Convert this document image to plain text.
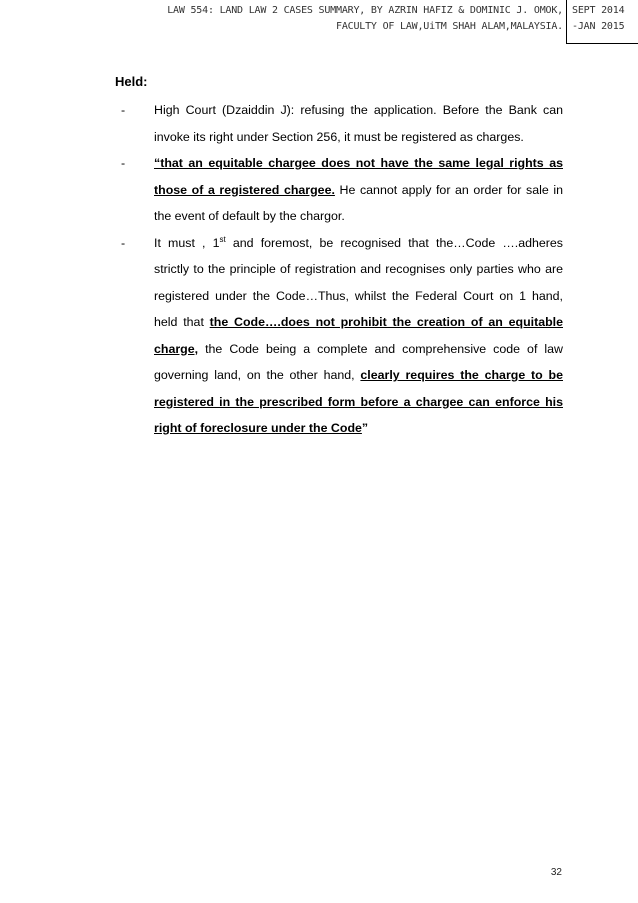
LAW 554: LAND LAW 2 CASES SUMMARY, BY AZRIN HAFIZ & DOMINIC J. OMOK,
FACULTY OF LAW,UiTM SHAH ALAM,MALAYSIA.
SEPT 2014
-JAN 2015
Held:
- High Court (Dzaiddin J): refusing the application. Before the Bank can invoke its right under Section 256, it must be registered as charges.
- “that an equitable chargee does not have the same legal rights as those of a registered chargee. He cannot apply for an order for sale in the event of default by the chargor.
- It must , 1st and foremost, be recognised that the…Code ….adheres strictly to the principle of registration and recognises only parties who are registered under the Code…Thus, whilst the Federal Court on 1 hand, held that the Code….does not prohibit the creation of an equitable charge, the Code being a complete and comprehensive code of law governing land, on the other hand, clearly requires the charge to be registered in the prescribed form before a chargee can enforce his right of foreclosure under the Code”
32
